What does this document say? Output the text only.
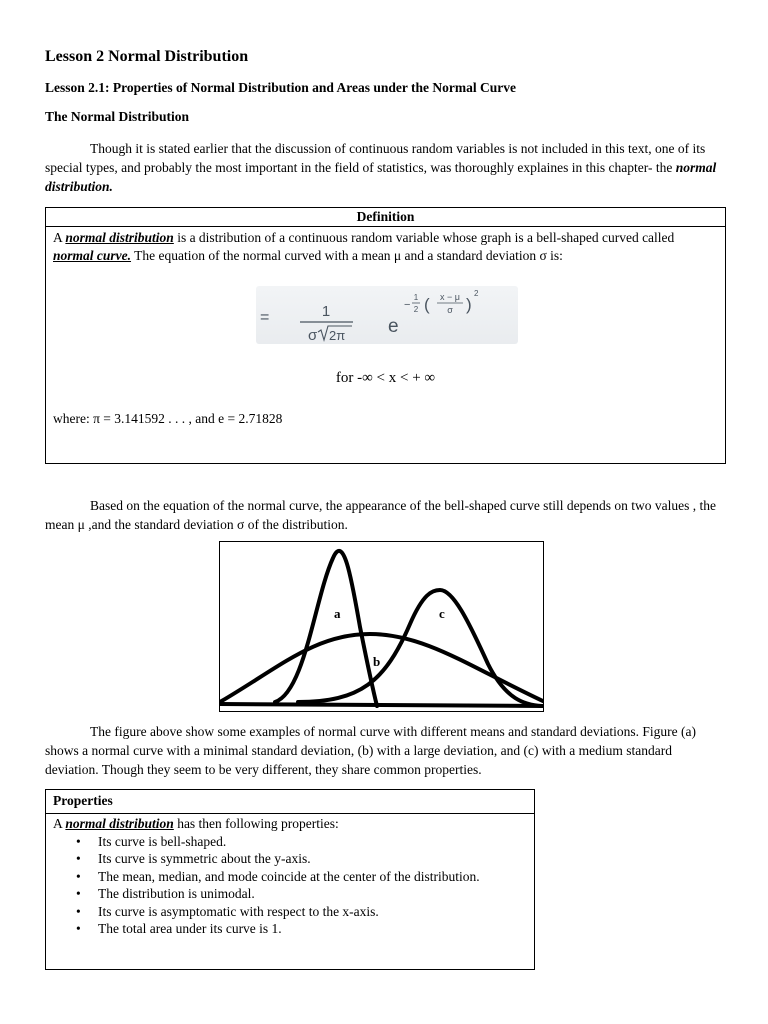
Lesson 2 Normal Distribution
Lesson 2.1: Properties of Normal Distribution and Areas under the Normal Curve
The Normal Distribution

Though it is stated earlier that the discussion of continuous random variables is not included in this text, one of its special types, and probably the most important in the field of statistics, was thoroughly explaines in this chapter- the normal distribution.

Definition
A normal distribution is a distribution of a continuous random variable whose graph is a bell-shaped curved called normal curve. The equation of the normal curved with a mean μ and a standard deviation σ is:
=	1
σ 2π e
−
1
2 ( x − μ
σ )
2
for -∞ < x < + ∞
where: π = 3.141592 . . . , and e = 2.71828

Based on the equation of the normal curve, the appearance of the bell-shaped curve still depends on two values , the mean μ ,and the standard deviation σ of the distribution.

a
b
c

The figure above show some examples of normal curve with different means and standard deviations. Figure (a) shows a normal curve with a minimal standard deviation, (b) with a large deviation, and (c) with a medium standard deviation. Though they seem to be very different, they share common properties.

Properties
A normal distribution has then following properties:
• Its curve is bell-shaped.
• Its curve is symmetric about the y-axis.
• The mean, median, and mode coincide at the center of the distribution.
• The distribution is unimodal.
• Its curve is asymptomatic with respect to the x-axis.
• The total area under its curve is 1.
